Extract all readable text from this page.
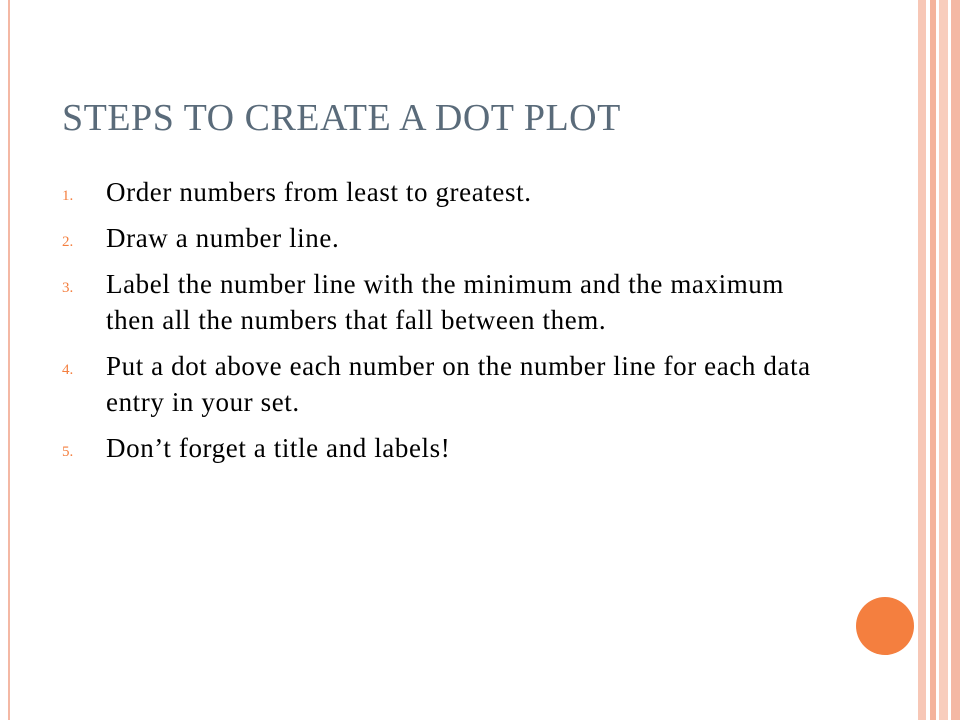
STEPS TO CREATE A DOT PLOT
1.	Order numbers from least to greatest.
2.	Draw a number line.
3.	Label the number line with the minimum and the maximum then all the numbers that fall between them.
4.	Put a dot above each number on the number line for each data entry in your set.
5.	Don’t forget a title and labels!
